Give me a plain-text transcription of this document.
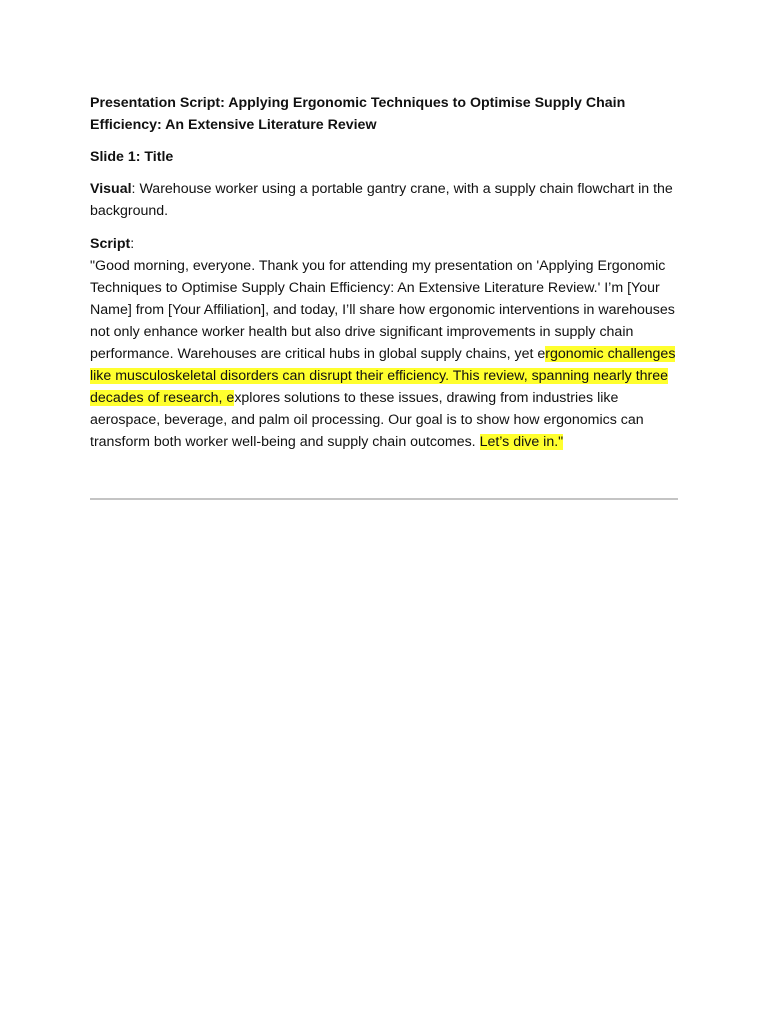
Presentation Script: Applying Ergonomic Techniques to Optimise Supply Chain Efficiency: An Extensive Literature Review
Slide 1: Title
Visual: Warehouse worker using a portable gantry crane, with a supply chain flowchart in the background.
Script:

"Good morning, everyone. Thank you for attending my presentation on 'Applying Ergonomic Techniques to Optimise Supply Chain Efficiency: An Extensive Literature Review.' I’m [Your Name] from [Your Affiliation], and today, I’ll share how ergonomic interventions in warehouses not only enhance worker health but also drive significant improvements in supply chain performance. Warehouses are critical hubs in global supply chains, yet ergonomic challenges like musculoskeletal disorders can disrupt their efficiency. This review, spanning nearly three decades of research, explores solutions to these issues, drawing from industries like aerospace, beverage, and palm oil processing. Our goal is to show how ergonomics can transform both worker well-being and supply chain outcomes. Let’s dive in."
